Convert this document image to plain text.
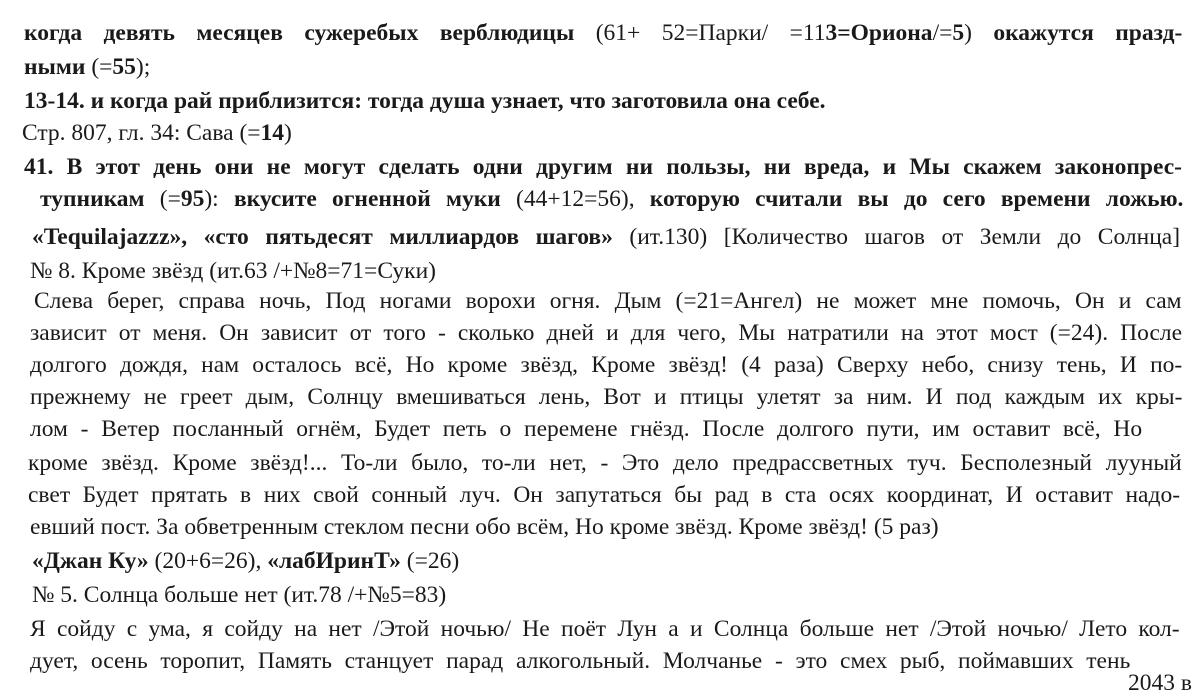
когда девять месяцев сужеребых верблюдицы (61+ 52=Парки/ =113=Ориона/=5) окажутся празд-
ными (=55);
13-14. и когда рай приблизится: тогда душа узнает, что заготовила она себе.
Стр. 807, гл. 34: Сава (=14)
41. В этот день они не могут сделать одни другим ни пользы, ни вреда, и Мы скажем законопрес-
тупникам (=95): вкусите огненной муки (44+12=56), которую считали вы до сего времени ложью.
«Tequilajazzz», «сто пятьдесят миллиардов шагов» (ит.130) [Количество шагов от Земли до Солнца]
№ 8. Кроме звёзд (ит.63 /+№8=71=Суки)
Слева берег, справа ночь, Под ногами ворохи огня. Дым (=21=Ангел) не может мне помочь, Он и сам
зависит от меня. Он зависит от того - сколько дней и для чего, Мы натратили на этот мост (=24). После
долгого дождя, нам осталось всё, Но кроме звёзд, Кроме звёзд! (4 раза) Сверху небо, снизу тень, И по-
прежнему не греет дым, Солнцу вмешиваться лень, Вот и птицы улетят за ним. И под каждым их кры-
лом - Ветер посланный огнём, Будет петь о перемене гнёзд. После долгого пути, им оставит всё, Но
кроме звёзд. Кроме звёзд!... То-ли было, то-ли нет, - Это дело предрассветных туч. Бесполезный лууный
свет Будет прятать в них свой сонный луч. Он запутаться бы рад в ста осях координат, И оставит надо-
евший пост. За обветренным стеклом песни обо всём, Но кроме звёзд. Кроме звёзд! (5 раз)
«Джан Ку» (20+6=26), «лабИринТ» (=26)
№ 5. Солнца больше нет (ит.78 /+№5=83)
Я сойду с ума, я сойду на нет /Этой ночью/ Не поёт Лун а и Солнца больше нет /Этой ночью/ Лето кол-
дует, осень торопит, Память станцует парад алкогольный. Молчанье - это смех рыб, поймавших тень
2043 в
